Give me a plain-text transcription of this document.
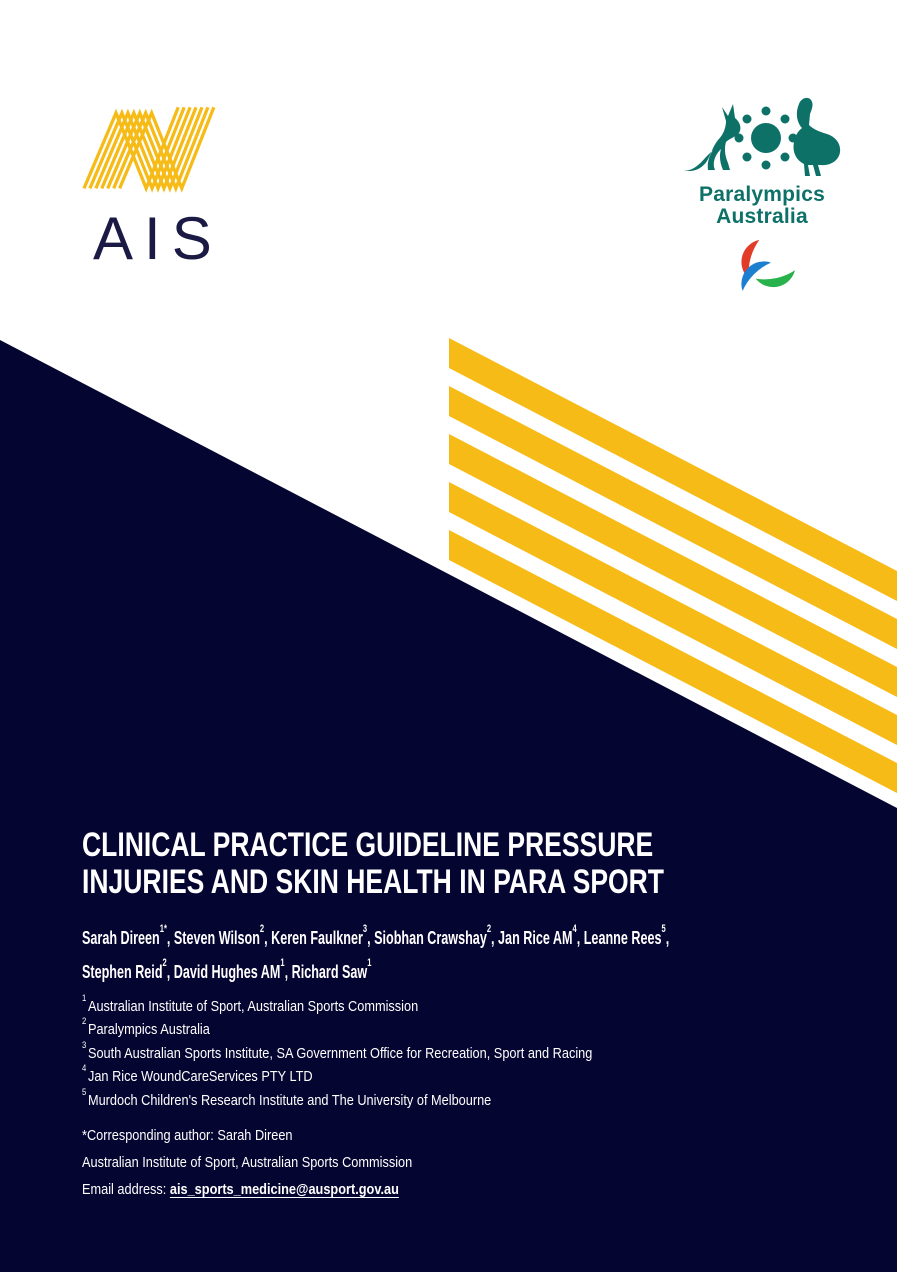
AIS
Paralympics
Australia
CLINICAL PRACTICE GUIDELINE PRESSURE
INJURIES AND SKIN HEALTH IN PARA SPORT
Sarah Direen$^{1*}$, Steven Wilson$^2$, Keren Faulkner$^3$, Siobhan Crawshay$^2$, Jan Rice $AM^4$, Leanne Rees$^5$,
Stephen Reid$^2$, David Hughes $AM^1$, Richard Saw$^1$
$^1$Australian Institute of Sport, Australian Sports Commission
$^2$Paralympics Australia
$^3$South Australian Sports Institute, SA Government Office for Recreation, Sport and Racing
$^4$Jan Rice WoundCareServices PTY LTD
$^5$Murdoch Children's Research Institute and The University of Melbourne
*Corresponding author: Sarah Direen
Australian Institute of Sport, Australian Sports Commission
Email address: ais_sports_medicine@ausport.gov.au
